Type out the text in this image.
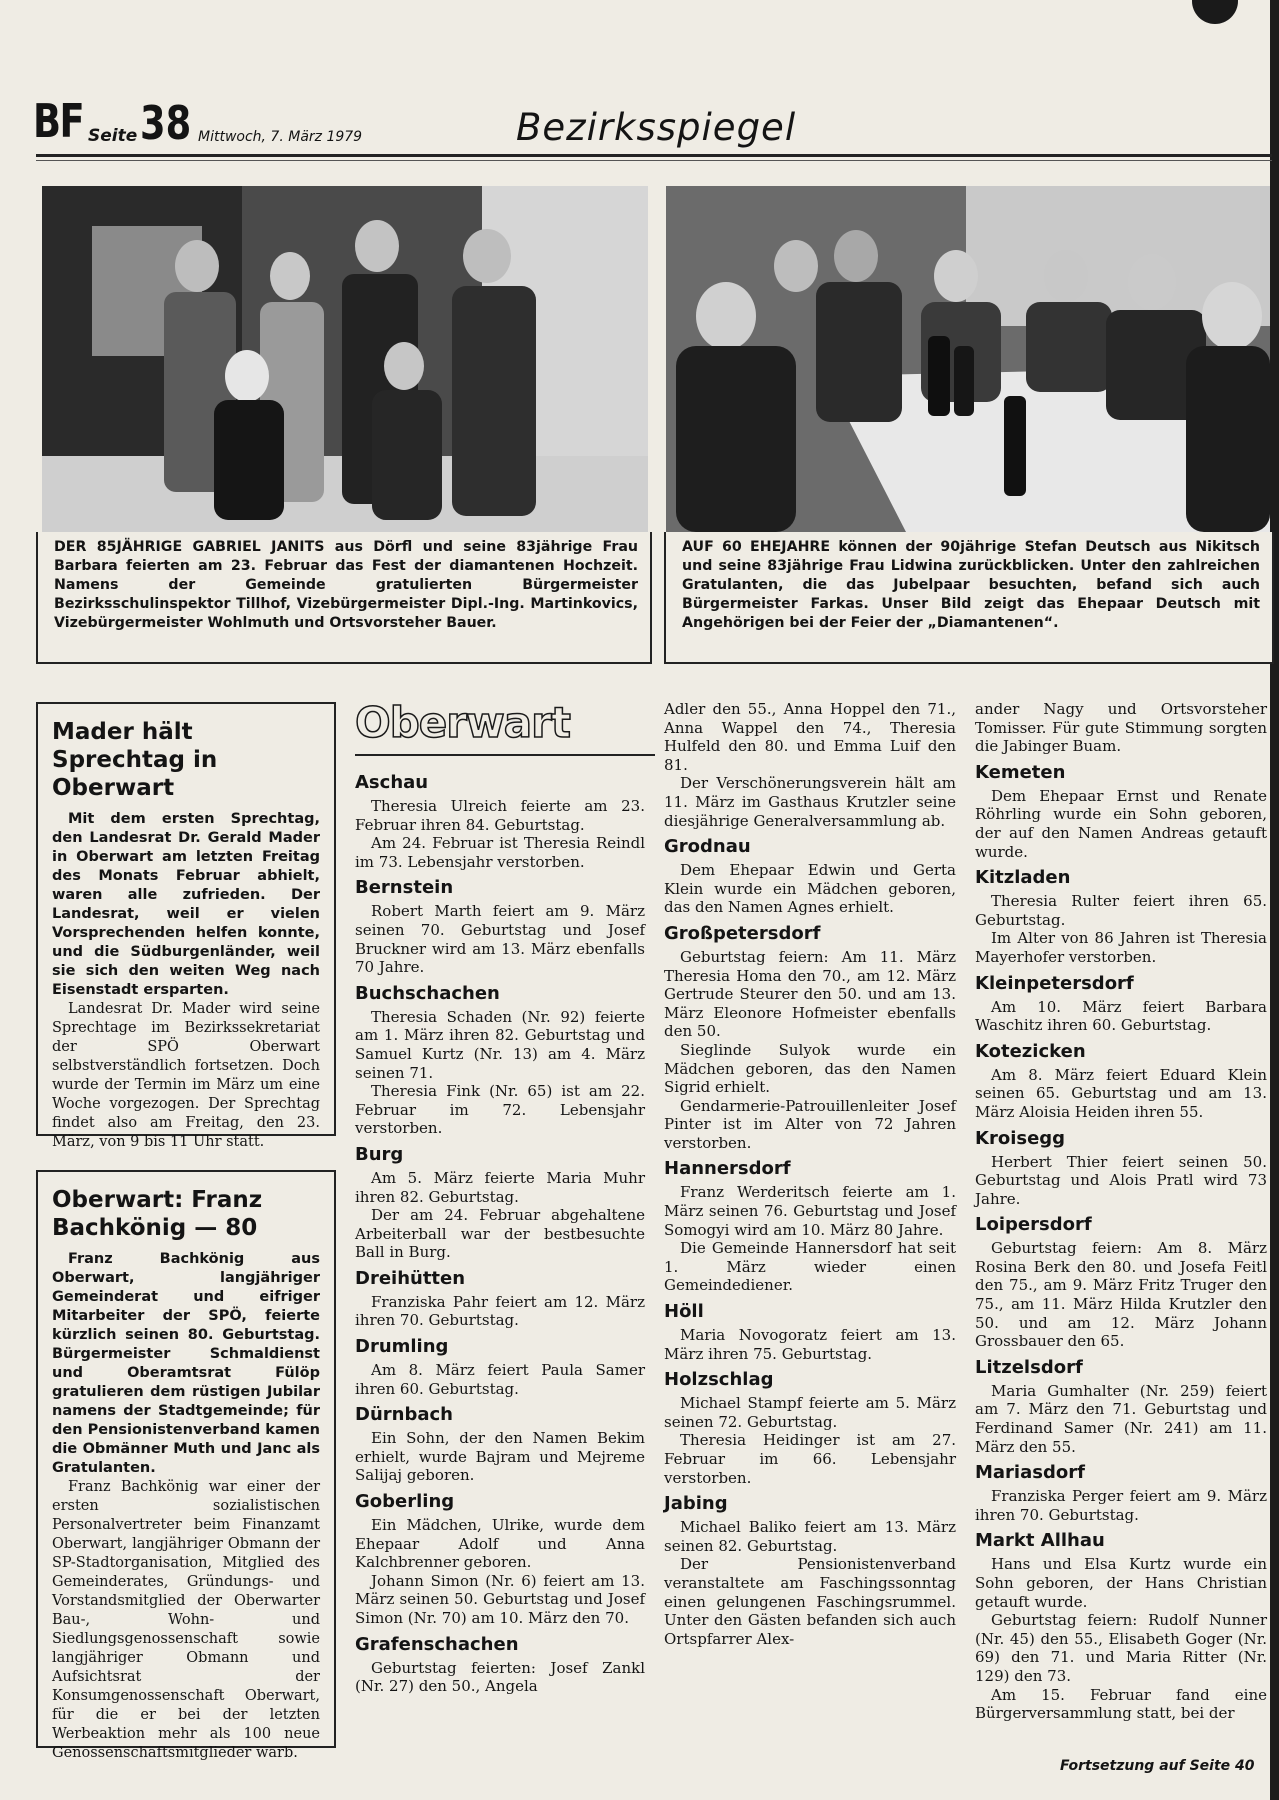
BF Seite 38 Mittwoch, 7. März 1979	Bezirksspiegel
DER 85JÄHRIGE GABRIEL JANITS aus Dörfl und seine 83jährige Frau Barbara feierten am 23. Februar das Fest der diamantenen Hochzeit. Namens der Gemeinde gratulierten Bürgermeister Bezirksschulinspektor Tillhof, Vizebürgermeister Dipl.-Ing. Martinkovics, Vizebürgermeister Wohlmuth und Ortsvorsteher Bauer.
AUF 60 EHEJAHRE können der 90jährige Stefan Deutsch aus Nikitsch und seine 83jährige Frau Lidwina zurückblicken. Unter den zahlreichen Gratulanten, die das Jubelpaar besuchten, befand sich auch Bürgermeister Farkas. Unser Bild zeigt das Ehepaar Deutsch mit Angehörigen bei der Feier der „Diamantenen“.
Mader hält Sprechtag in Oberwart

Mit dem ersten Sprechtag, den Landesrat Dr. Gerald Mader in Oberwart am letzten Freitag des Monats Februar abhielt, waren alle zufrieden. Der Landesrat, weil er vielen Vorsprechenden helfen konnte, und die Südburgenländer, weil sie sich den weiten Weg nach Eisenstadt ersparten.

Landesrat Dr. Mader wird seine Sprechtage im Bezirkssekretariat der SPÖ Oberwart selbstverständlich fortsetzen. Doch wurde der Termin im März um eine Woche vorgezogen. Der Sprechtag findet also am Freitag, den 23. März, von 9 bis 11 Uhr statt.

Oberwart: Franz Bachkönig — 80

Franz Bachkönig aus Oberwart, langjähriger Gemeinderat und eifriger Mitarbeiter der SPÖ, feierte kürzlich seinen 80. Geburtstag. Bürgermeister Schmaldienst und Oberamtsrat Fülöp gratulieren dem rüstigen Jubilar namens der Stadtgemeinde; für den Pensionistenverband kamen die Obmänner Muth und Janc als Gratulanten.

Franz Bachkönig war einer der ersten sozialistischen Personalvertreter beim Finanzamt Oberwart, langjähriger Obmann der SP-Stadtorganisation, Mitglied des Gemeinderates, Gründungs- und Vorstandsmitglied der Oberwarter Bau-, Wohn- und Siedlungsgenossenschaft sowie langjähriger Obmann und Aufsichtsrat der Konsumgenossenschaft Oberwart, für die er bei der letzten Werbeaktion mehr als 100 neue Genossenschaftsmitglieder warb.

Oberwart
Aschau

Theresia Ulreich feierte am 23. Februar ihren 84. Geburtstag.

Am 24. Februar ist Theresia Reindl im 73. Lebensjahr verstorben.

Bernstein

Robert Marth feiert am 9. März seinen 70. Geburtstag und Josef Bruckner wird am 13. März ebenfalls 70 Jahre.

Buchschachen

Theresia Schaden (Nr. 92) feierte am 1. März ihren 82. Geburtstag und Samuel Kurtz (Nr. 13) am 4. März seinen 71.

Theresia Fink (Nr. 65) ist am 22. Februar im 72. Lebensjahr verstorben.

Burg

Am 5. März feierte Maria Muhr ihren 82. Geburtstag.

Der am 24. Februar abgehaltene Arbeiterball war der bestbesuchte Ball in Burg.

Dreihütten

Franziska Pahr feiert am 12. März ihren 70. Geburtstag.

Drumling

Am 8. März feiert Paula Samer ihren 60. Geburtstag.

Dürnbach

Ein Sohn, der den Namen Bekim erhielt, wurde Bajram und Mejreme Salijaj geboren.

Goberling

Ein Mädchen, Ulrike, wurde dem Ehepaar Adolf und Anna Kalchbrenner geboren.

Johann Simon (Nr. 6) feiert am 13. März seinen 50. Geburtstag und Josef Simon (Nr. 70) am 10. März den 70.

Grafenschachen

Geburtstag feierten: Josef Zankl (Nr. 27) den 50., Angela

Adler den 55., Anna Hoppel den 71., Anna Wappel den 74., Theresia Hulfeld den 80. und Emma Luif den 81.

Der Verschönerungsverein hält am 11. März im Gasthaus Krutzler seine diesjährige Generalversammlung ab.

Grodnau

Dem Ehepaar Edwin und Gerta Klein wurde ein Mädchen geboren, das den Namen Agnes erhielt.

Großpetersdorf

Geburtstag feiern: Am 11. März Theresia Homa den 70., am 12. März Gertrude Steurer den 50. und am 13. März Eleonore Hofmeister ebenfalls den 50.

Sieglinde Sulyok wurde ein Mädchen geboren, das den Namen Sigrid erhielt.

Gendarmerie-Patrouillenleiter Josef Pinter ist im Alter von 72 Jahren verstorben.

Hannersdorf

Franz Werderitsch feierte am 1. März seinen 76. Geburtstag und Josef Somogyi wird am 10. März 80 Jahre.

Die Gemeinde Hannersdorf hat seit 1. März wieder einen Gemeindediener.

Höll

Maria Novogoratz feiert am 13. März ihren 75. Geburtstag.

Holzschlag

Michael Stampf feierte am 5. März seinen 72. Geburtstag.

Theresia Heidinger ist am 27. Februar im 66. Lebensjahr verstorben.

Jabing

Michael Baliko feiert am 13. März seinen 82. Geburtstag.

Der Pensionistenverband veranstaltete am Faschingssonntag einen gelungenen Faschingsrummel. Unter den Gästen befanden sich auch Ortspfarrer Alex-

ander Nagy und Ortsvorsteher Tomisser. Für gute Stimmung sorgten die Jabinger Buam.

Kemeten

Dem Ehepaar Ernst und Renate Röhrling wurde ein Sohn geboren, der auf den Namen Andreas getauft wurde.

Kitzladen

Theresia Rulter feiert ihren 65. Geburtstag.

Im Alter von 86 Jahren ist Theresia Mayerhofer verstorben.

Kleinpetersdorf

Am 10. März feiert Barbara Waschitz ihren 60. Geburtstag.

Kotezicken

Am 8. März feiert Eduard Klein seinen 65. Geburtstag und am 13. März Aloisia Heiden ihren 55.

Kroisegg

Herbert Thier feiert seinen 50. Geburtstag und Alois Pratl wird 73 Jahre.

Loipersdorf

Geburtstag feiern: Am 8. März Rosina Berk den 80. und Josefa Feitl den 75., am 9. März Fritz Truger den 75., am 11. März Hilda Krutzler den 50. und am 12. März Johann Grossbauer den 65.

Litzelsdorf

Maria Gumhalter (Nr. 259) feiert am 7. März den 71. Geburtstag und Ferdinand Samer (Nr. 241) am 11. März den 55.

Mariasdorf

Franziska Perger feiert am 9. März ihren 70. Geburtstag.

Markt Allhau

Hans und Elsa Kurtz wurde ein Sohn geboren, der Hans Christian getauft wurde.

Geburtstag feiern: Rudolf Nunner (Nr. 45) den 55., Elisabeth Goger (Nr. 69) den 71. und Maria Ritter (Nr. 129) den 73.

Am 15. Februar fand eine Bürgerversammlung statt, bei der

Fortsetzung auf Seite 40
